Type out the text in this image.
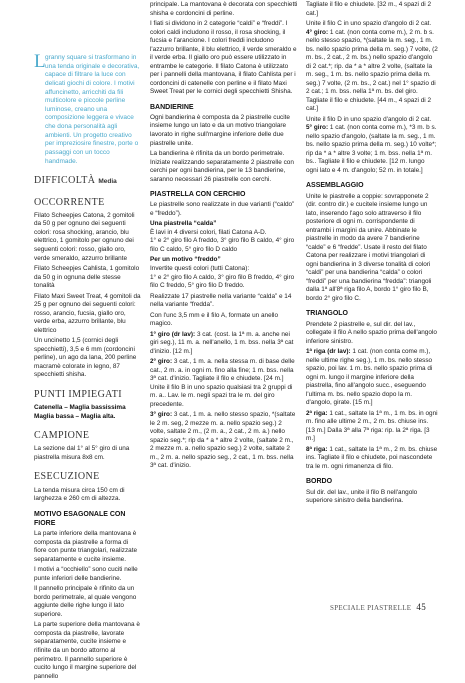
L granny square si trasformano in una tenda originale e decorativa, capace di filtrare la luce con delicati giochi di colore. I motivi affuncinetto, arricchiti da fili multicolore e piccole perline luminose, creano una composizione leggera e vivace che dona personalità agli ambienti. Un progetto creativo per impreziosire finestre, porte o passaggi con un tocco handmade.

DIFFICOLTÀ Media
OCCORRENTE

Filato Scheepjes Catona, 2 gomitoli da 50 g per ognuno dei seguenti colori: rosa shocking, arancio, blu elettrico, 1 gomitolo per ognuno dei seguenti colori: rosso, giallo oro, verde smeraldo, azzurro brillante

Filato Scheepjes Cahlista, 1 gomitolo da 50 g in ognuna delle stesse tonalità

Filato Maxi Sweet Treat, 4 gomitoli da 25 g per ognuno dei seguenti colori: rosso, arancio, fucsia, giallo oro, verde erba, azzurro brillante, blu elettrico

Un uncinetto 1,5 (cornici degli specchietti), 3,5 e 6 mm (cordoncini perline), un ago da lana, 200 perline macramè colorate in legno, 87 specchietti shisha.

PUNTI IMPIEGATI

Catenella – Maglia bassissima

Maglia bassa – Maglia alta.

CAMPIONE

La sezione dal 1° al 5° giro di una piastrella misura 8x8 cm.

ESECUZIONE

La tenda misura circa 150 cm di larghezza e 260 cm di altezza.

MOTIVO ESAGONALE CON FIORE

La parte inferiore della mantovana è composta da piastrelle a forma di fiore con punte triangolari, realizzate separatamente e cucite insieme.

I motivi a “occhiello” sono cuciti nelle punte inferiori delle bandierine.

Il pannello principale è rifinito da un bordo perimetrale, al quale vengono aggiunte delle righe lungo il lato superiore.

La parte superiore della mantovana è composta da piastrelle, lavorate separatamente, cucite insieme e rifinite da un bordo attorno al perimetro. Il pannello superiore è cucito lungo il margine superiore del pannello

principale. La mantovana è decorata con specchietti shisha e cordoncini di perline.

I fiati si dividono in 2 categorie “caldi” e “freddi”. I colori caldi includono il rosso, il rosa shocking, il fucsia e l'arancione. I colori freddi includono l'azzurro brillante, il blu elettrico, il verde smeraldo e il verde erba. Il giallo oro può essere utilizzato in entrambe le categorie. Il filato Catona è utilizzato per i pannelli della mantovana, il filato Cahlista per i cordoncini di catenelle con perline e il filato Maxi Sweet Treat per le cornici degli specchietti Shisha.

BANDIERINE

Ogni bandierina è composta da 2 piastrelle cucite insieme lungo un lato e da un motivo triangolare lavorato in righe sull'margine inferiore delle due piastrelle unite.

La bandierina è rifinita da un bordo perimetrale. Iniziate realizzando separatamente 2 piastrelle con cerchi per ogni bandierina, per le 13 bandierine, saranno necessari 26 piastrelle con cerchi.

PIASTRELLA CON CERCHIO

Le piastrelle sono realizzate in due varianti (“caldo” e “freddo”).

Una piastrella “calda”

È lavi in 4 diversi colori, filati Catona A-D.

1° e 2° giro filo A freddo, 3° giro filo B caldo, 4° giro filo C caldo, 5° giro filo D caldo

Per un motivo “freddo”

Invertite questi colori (tutti Catona):

1° e 2° giro filo A caldo, 3° giro filo B freddo, 4° giro filo C freddo, 5° giro filo D freddo.

Realizzate 17 piastrelle nella variante “calda” e 14 nella variante “fredda”.

Con l'unc 3,5 mm e il filo A, formate un anello magico.

1° giro (dr lav): 3 cat. (cost. la 1ª m. a. anche nei giri seg.), 11 m. a. nell'anello, 1 m. bss. nella 3ª cat d'inizio. [12 m.]

2° giro: 3 cat., 1 m. a. nella stessa m. di base delle cat., 2 m. a. in ogni m. fino alla fine; 1 m. bss. nella 3ª cat. d'inizio. Tagliate il filo e chiudete. [24 m.] Unite il filo B in uno spazio qualsiasi tra 2 gruppi di m. a.. Lav. le m. negli spazi tra le m. del giro precedente.

3° giro: 3 cat., 1 m. a. nello stesso spazio, *(saltate le 2 m. seg, 2 mezze m. a. nello spazio seg.) 2 volte, saltate 2 m., (2 m. a., 2 cat., 2 m. a.) nello spazio seg.*; rip da * a * altre 2 volte, (saltate 2 m., 2 mezze m. a. nello spazio seg.) 2 volte, saltate 2 m., 2 m. a. nello spazio seg., 2 cat., 1 m. bss. nella 3ª cat. d'inizio.

Tagliate il filo e chiudete. [32 m., 4 spazi di 2 cat.]

Unite il filo C in uno spazio d'angolo di 2 cat.

4° giro: 1 cat. (non conta come m.), 2 m. b s. nello stesso spazio, *(saltate la m. seg., 1 m. bs. nello spazio prima della m. seg.) 7 volte, (2 m. bs., 2 cat., 2 m. bs.) nello spazio d'angolo di 2 cat.*; rip. da * a * altre 2 volte, (saltate la m. seg., 1 m. bs. nello spazio prima della m. seg.) 7 volte, (2 m. bs., 2 cat.) nel 1° spazio di 2 cat.; 1 m. bss. nella 1ª m. bs. del giro. Tagliate il filo e chiudete. [44 m., 4 spazi di 2 cat.]

Unite il filo D in uno spazio d'angolo di 2 cat.

5° giro: 1 cat. (non conta come m.), *3 m. b s. nello spazio d'angolo, (saltate la m. seg., 1 m. bs. nello spazio prima della m. seg.) 10 volte*; rip da * a * altre 3 volte; 1 m. bss. nella 1ª m. bs.. Tagliate il filo e chiudete. [12 m. lungo ogni lato e 4 m. d'angolo; 52 m. in totale.]

ASSEMBLAGGIO

Unite le piastrelle a coppie: sovrapponete 2 (dir. contro dir.) e cucitele insieme lungo un lato, inserendo l'ago solo attraverso il filo posteriore di ogni m. corrispondente di entrambi i margini da unire. Abbinate le piastrelle in modo da avere 7 bandierine “calde” e 6 “fredde”. Usate il resto del filato Catona per realizzare i motivi triangolari di ogni bandierina in 3 diverse tonalità di colori “caldi” per una bandierina “calda” o colori “freddi” per una bandierina “fredda”: triangoli dalla 1ª all'8ª riga filo A, bordo 1° giro filo B, bordo 2° giro filo C.

TRIANGOLO

Prendete 2 piastrelle e, sul dir. del lav., collegate il filo A nello spazio prima dell'angolo inferiore sinistro.

1ª riga (dr lav): 1 cat. (non conta come m.), nelle ultime righe seg.), 1 m. bs. nello stesso spazio, poi lav. 1 m. bs. nello spazio prima di ogni m. lungo il margine inferiore della piastrella, fino all'angolo succ., eseguendo l'ultima m. bs. nello spazio dopo la m. d'angolo, girate. [15 m.]

2ª riga: 1 cat., saltate la 1ª m., 1 m. bs. in ogni m. fino alle ultime 2 m., 2 m. bs. chiuse ins. [13 m.] Dalla 3ª alla 7ª riga: rip. la 2ª riga. [3 m.]

8ª riga: 1 cat., saltate la 1ª m., 2 m. bs. chiuse ins. Tagliate il filo e chiudete, poi nascondete tra le m. ogni rimanenza di filo.

BORDO

Sul dir. del lav., unite il filo B nell'angolo superiore sinistro della bandierina.

SPECIALE PIASTRELLE 45
